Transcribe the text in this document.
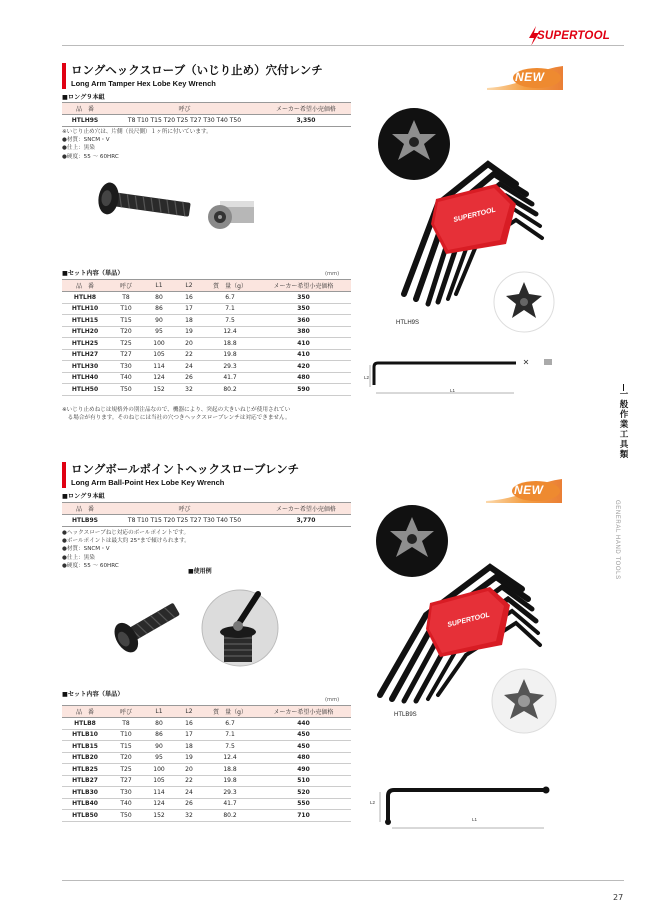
SUPERTOOL
ロングヘックスローブ（いじり止め）穴付レンチ
Long Arm Tamper Hex Lobe Key Wrench	NEW
■ロング９本組
品　番	呼び	メーカー希望小売価格
HTLH9S	T8 T10 T15 T20 T25 T27 T30 T40 T50	3,350
※いじり止め穴は、片側（長尺側）１ヶ所に付いています。
●材質：SNCM・V
●仕上：黒染
●硬度：55 ～ 60HRC
SUPERTOOL
HTLH9S
L2
L1
■セット内容（単品）	(mm)
品　番	呼び	L1	L2	質　量（g）	メーカー希望小売価格
HTLH8	T8	80	16	6.7	350
HTLH10	T10	86	17	7.1	350
HTLH15	T15	90	18	7.5	360
HTLH20	T20	95	19	12.4	380
HTLH25	T25	100	20	18.8	410
HTLH27	T27	105	22	19.8	410
HTLH30	T30	114	24	29.3	420
HTLH40	T40	124	26	41.7	480
HTLH50	T50	152	32	80.2	590
※いじり止めねじは規格外の別注品なので、機器により、突起の大きいねじが使用されてい
　る場合が有ります。そのねじには当社の穴つきヘックスローブレンチは対応できません。
ロングボールポイントヘックスローブレンチ
Long Arm Ball-Point Hex Lobe Key Wrench
NEW
■ロング９本組
品　番	呼び	メーカー希望小売価格
HTLB9S	T8 T10 T15 T20 T25 T27 T30 T40 T50	3,770
●ヘックスローブねじ対応のボールポイントです。
●ボールポイントは最大約 25°まで傾けられます。
●材質：SNCM・V
●仕上：黒染
●硬度：55 ～ 60HRC
■使用例
SUPERTOOL
HTLB9S
L2
L1
■セット内容（単品）
(mm)
品　番	呼び	L1	L2	質　量（g）	メーカー希望小売価格
HTLB8	T8	80	16	6.7	440
HTLB10	T10	86	17	7.1	450
HTLB15	T15	90	18	7.5	450
HTLB20	T20	95	19	12.4	480
HTLB25	T25	100	20	18.8	490
HTLB27	T27	105	22	19.8	510
HTLB30	T30	114	24	29.3	520
HTLB40	T40	124	26	41.7	550
HTLB50	T50	152	32	80.2	710
一般作業工具類
GENERAL HAND TOOLS
27
